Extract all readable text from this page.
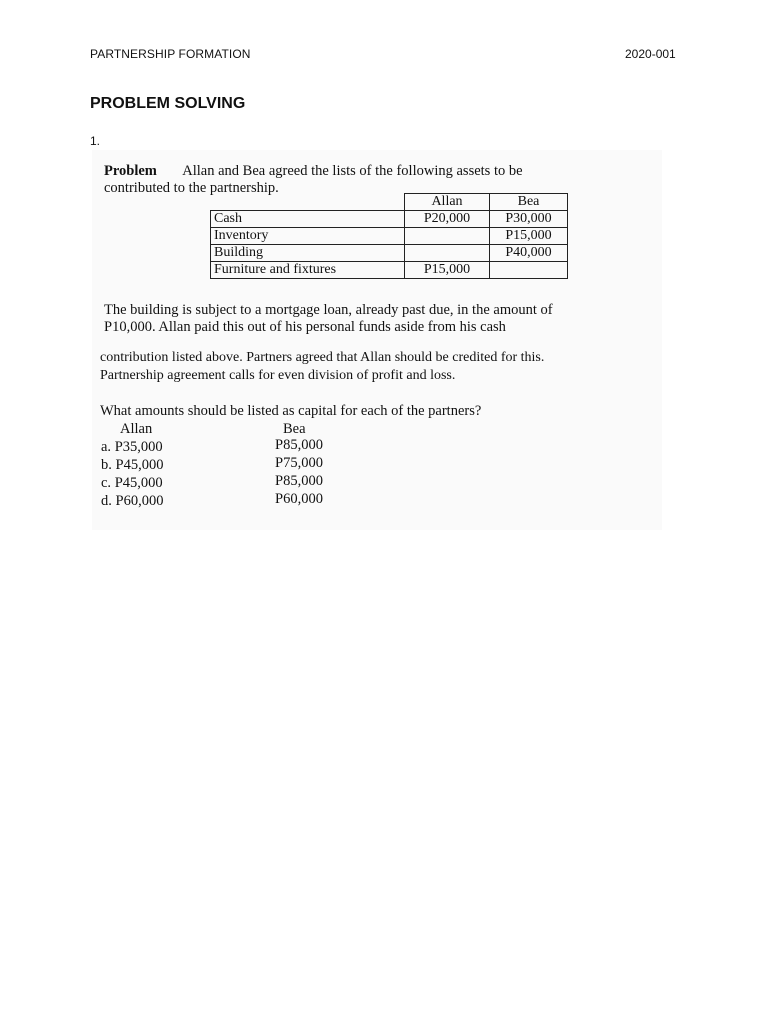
PARTNERSHIP FORMATION	2020-001
PROBLEM SOLVING
1.
Problem Allan and Bea agreed the lists of the following assets to be
contributed to the partnership.
	Allan	Bea
Cash	P20,000	P30,000
Inventory		P15,000
Building		P40,000
Furniture and fixtures	P15,000	
The building is subject to a mortgage loan, already past due, in the amount of
P10,000. Allan paid this out of his personal funds aside from his cash
contribution listed above. Partners agreed that Allan should be credited for this.
Partnership agreement calls for even division of profit and loss.
What amounts should be listed as capital for each of the partners?
Allan	Bea
a. P35,000	P85,000
b. P45,000	P75,000
c. P45,000	P85,000
d. P60,000	P60,000
